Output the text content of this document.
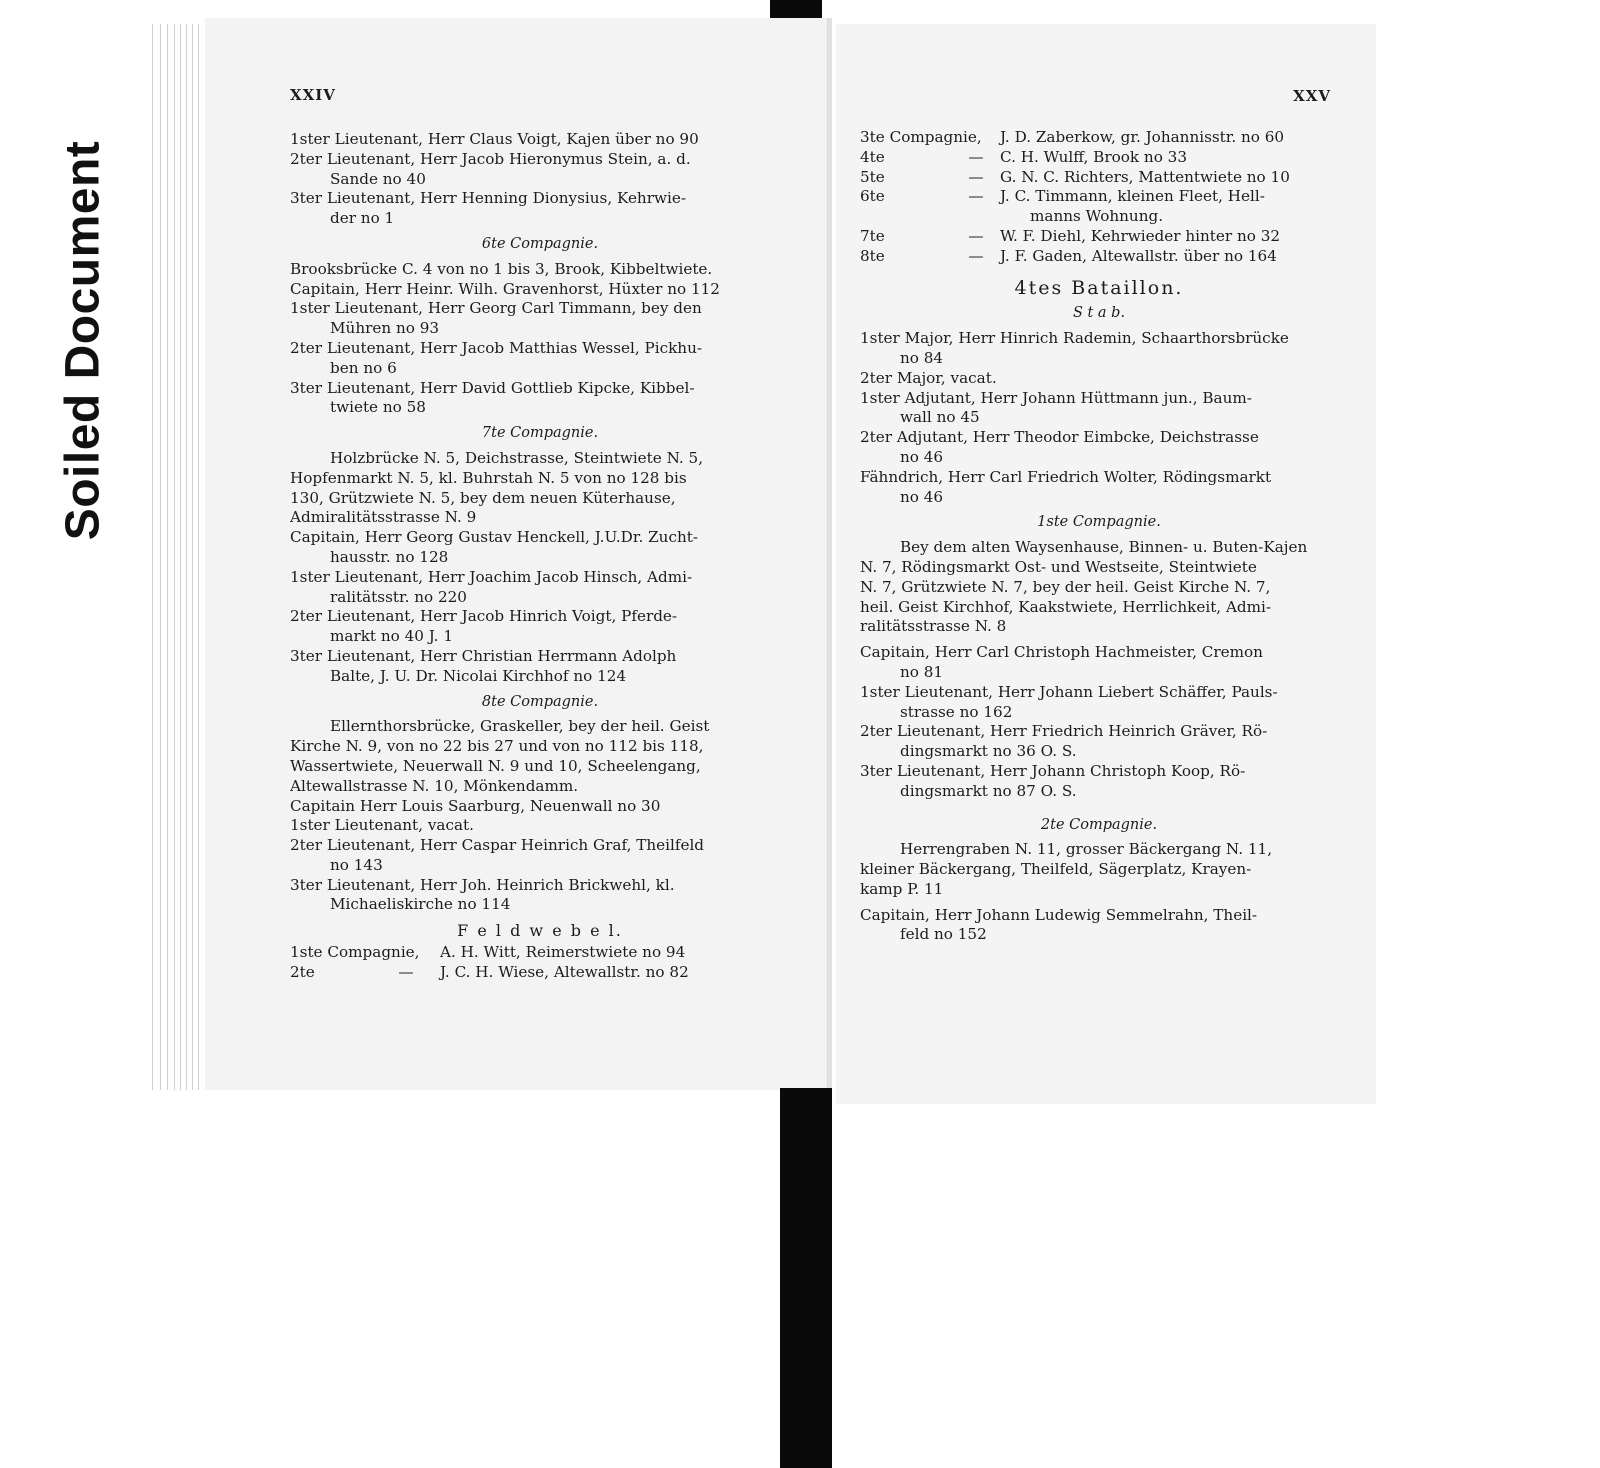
Soiled Document
XXIV
1ster Lieutenant, Herr Claus Voigt, Kajen über no 90
2ter Lieutenant, Herr Jacob Hieronymus Stein, a. d.
Sande no 40
3ter Lieutenant, Herr Henning Dionysius, Kehrwie-
der no 1
6te Compagnie.
Brooksbrücke C. 4 von no 1 bis 3, Brook, Kibbeltwiete.
Capitain, Herr Heinr. Wilh. Gravenhorst, Hüxter no 112
1ster Lieutenant, Herr Georg Carl Timmann, bey den
Mühren no 93
2ter Lieutenant, Herr Jacob Matthias Wessel, Pickhu-
ben no 6
3ter Lieutenant, Herr David Gottlieb Kipcke, Kibbel-
twiete no 58
7te Compagnie.
Holzbrücke N. 5, Deichstrasse, Steintwiete N. 5,
Hopfenmarkt N. 5, kl. Buhrstah N. 5 von no 128 bis
130, Grützwiete N. 5, bey dem neuen Küterhause,
Admiralitätsstrasse N. 9
Capitain, Herr Georg Gustav Henckell, J.U.Dr. Zucht-
hausstr. no 128
1ster Lieutenant, Herr Joachim Jacob Hinsch, Admi-
ralitätsstr. no 220
2ter Lieutenant, Herr Jacob Hinrich Voigt, Pferde-
markt no 40 J. 1
3ter Lieutenant, Herr Christian Herrmann Adolph
Balte, J. U. Dr. Nicolai Kirchhof no 124
8te Compagnie.
Ellernthorsbrücke, Graskeller, bey der heil. Geist
Kirche N. 9, von no 22 bis 27 und von no 112 bis 118,
Wassertwiete, Neuerwall N. 9 und 10, Scheelengang,
Altewallstrasse N. 10, Mönkendamm.
Capitain Herr Louis Saarburg, Neuenwall no 30
1ster Lieutenant, vacat.
2ter Lieutenant, Herr Caspar Heinrich Graf, Theilfeld
no 143
3ter Lieutenant, Herr Joh. Heinrich Brickwehl, kl.
Michaeliskirche no 114
F e l d w e b e l.
1ste Compagnie,	A. H. Witt, Reimerstwiete no 94
2te	—	J. C. H. Wiese, Altewallstr. no 82
XXV
3te Compagnie,	J. D. Zaberkow, gr. Johannisstr. no 60
4te	—	C. H. Wulff, Brook no 33
5te	—	G. N. C. Richters, Mattentwiete no 10
6te	—	J. C. Timmann, kleinen Fleet, Hell-
manns Wohnung.
7te	—	W. F. Diehl, Kehrwieder hinter no 32
8te	—	J. F. Gaden, Altewallstr. über no 164
4tes Bataillon.
S t a b.
1ster Major, Herr Hinrich Rademin, Schaarthorsbrücke
no 84
2ter Major, vacat.
1ster Adjutant, Herr Johann Hüttmann jun., Baum-
wall no 45
2ter Adjutant, Herr Theodor Eimbcke, Deichstrasse
no 46
Fähndrich, Herr Carl Friedrich Wolter, Rödingsmarkt
no 46
1ste Compagnie.
Bey dem alten Waysenhause, Binnen- u. Buten-Kajen
N. 7, Rödingsmarkt Ost- und Westseite, Steintwiete
N. 7, Grützwiete N. 7, bey der heil. Geist Kirche N. 7,
heil. Geist Kirchhof, Kaakstwiete, Herrlichkeit, Admi-
ralitätsstrasse N. 8
Capitain, Herr Carl Christoph Hachmeister, Cremon
no 81
1ster Lieutenant, Herr Johann Liebert Schäffer, Pauls-
strasse no 162
2ter Lieutenant, Herr Friedrich Heinrich Gräver, Rö-
dingsmarkt no 36 O. S.
3ter Lieutenant, Herr Johann Christoph Koop, Rö-
dingsmarkt no 87 O. S.
2te Compagnie.
Herrengraben N. 11, grosser Bäckergang N. 11,
kleiner Bäckergang, Theilfeld, Sägerplatz, Krayen-
kamp P. 11
Capitain, Herr Johann Ludewig Semmelrahn, Theil-
feld no 152
